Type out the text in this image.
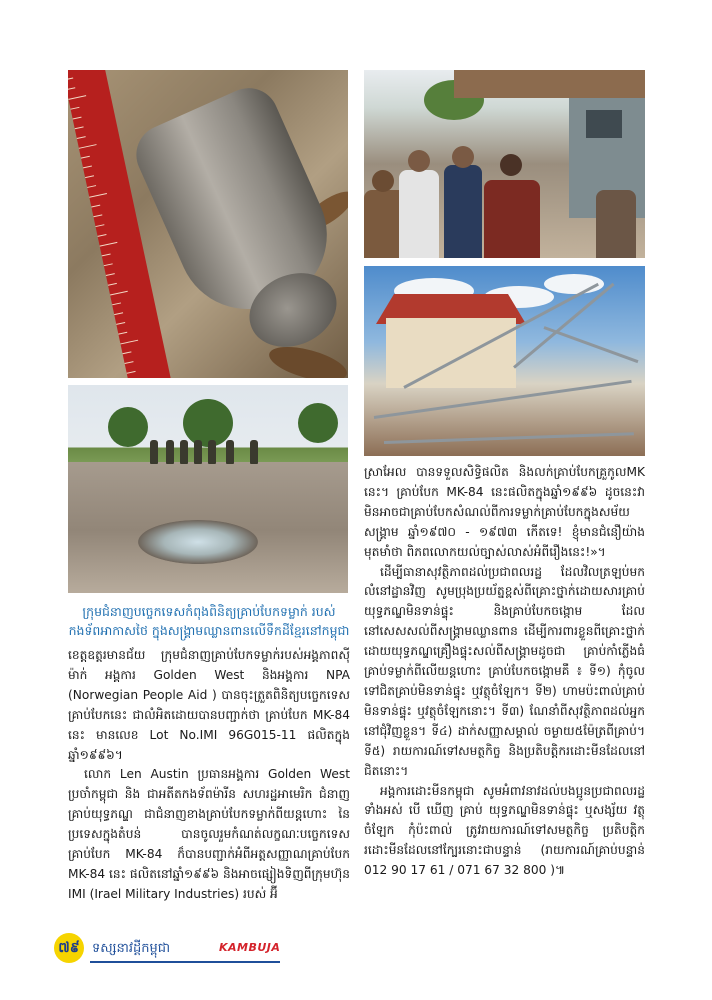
ក្រុមជំនាញបច្ចេកទេសកំពុងពិនិត្យគ្រាប់បែកទម្លាក់ របស់កងទ័ពអាកាសថៃ ក្នុងសង្គ្រាមឈ្លានពានលើទឹកដីខ្មែរនៅកម្ពុជា

ខេត្តឧត្តរមានជ័យ ក្រុមជំនាញគ្រាប់បែកទម្លាក់របស់អង្គភាពស៊ីម៉ាក់ អង្គការ Golden West និងអង្គការ NPA (Norwegian People Aid ) បានចុះត្រួតពិនិត្យបច្ចេកទេសគ្រាប់បែកនេះ ជាលំអិតដោយបានបញ្ជាក់ថា គ្រាប់បែក MK-84 នេះ មានលេខ Lot No.IMI 96G015-11 ផលិតក្នុង ឆ្នាំ១៩៩៦។

លោក Len Austin ប្រធានអង្គការ Golden West ប្រចាំកម្ពុជា និង ជាអតីតកងទ័ពម៉ារីន សហរដ្ឋអាមេរិក ជំនាញគ្រាប់យុទ្ធភណ្ឌ ជាជំនាញខាងគ្រាប់បែកទម្លាក់ពីយន្តហោះ នៃប្រទេសក្នុងតំបន់ បានចូលរួមកំណត់លក្ខណៈបច្ចេកទេសគ្រាប់បែក MK-84 ក៏បានបញ្ជាក់អំពីអត្តសញ្ញាណគ្រាប់បែក MK-84 នេះ ផលិតនៅឆ្នាំ១៩៩៦ និងអាចផ្សៀងទិញពីក្រុមហ៊ុន IMI (Irael Military Industries) របស់ អ៊ី

ស្រាអែល បានទទួលសិទ្ធិផលិត និងលក់គ្រាប់បែកគ្រួកូលMK នេះ។ គ្រាប់បែក MK-84 នេះផលិតក្នុងឆ្នាំ១៩៩៦ ដូចនេះវាមិនអាចជាគ្រាប់បែកសំណល់ពីការទម្លាក់គ្រាប់បែកក្នុងសម័យសង្គ្រាម ឆ្នាំ១៩៧០ - ១៩៧៣ កើតទេ! ខ្ញុំមានជំនឿយ៉ាងមុតមាំថា ពិភពលោកយល់ច្បាស់លាស់អំពីរឿងនេះ!»។

ដើម្បីធានាសុវត្ថិភាពដល់ប្រជាពលរដ្ឋ ដែលវិលត្រឡប់មកលំនៅដ្ឋានវិញ សូមប្រុងប្រយ័ត្នខ្ពស់ពីគ្រោះថ្នាក់ដោយសារគ្រាប់យុទ្ធភណ្ឌមិនទាន់ផ្ទុះ និងគ្រាប់បែកចង្កោម ដែលនៅសេសសល់ពីសង្គ្រាមឈ្លានពាន ដើម្បីការពារខ្លួនពីគ្រោះថ្នាក់ដោយយុទ្ធភណ្ឌគ្រឿងផ្ទុះសល់ពីសង្គ្រាមដូចជា គ្រាប់កាំភ្លើងធំ គ្រាប់ទម្លាក់ពីលើយន្តហោះ គ្រាប់បែកចង្កោមគឺ ៖ ទី១) កុំចូលទៅជិតគ្រាប់មិនទាន់ផ្ទុះ ឬវត្ថុចំឡែក។ ទី២) ហាមប៉ះពាល់គ្រាប់មិនទាន់ផ្ទុះ ឬវត្ថុចំឡែកនោះ។ ទី៣) ណែនាំពីសុវត្ថិភាពដល់អ្នកនៅជុំវិញខ្លួន។ ទី៤) ដាក់សញ្ញាសម្គាល់ ចម្ងាយ៥ម៉ែត្រពីគ្រាប់។ ទី៥) រាយការណ៍ទៅសមត្ថកិច្ច និងប្រតិបត្តិករដោះមីនដែលនៅជិតនោះ។

អង្គការដោះមីនកម្ពុជា សូមអំពាវនាវដល់បងប្អូនប្រជាពលរដ្ឋទាំងអស់ បើ ឃើញ គ្រាប់ យុទ្ធភណ្ឌមិនទាន់ផ្ទុះ ឬសង្ស័យ វត្ថុចំឡែក កុំប៉ះពាល់ ត្រូវរាយការណ៍ទៅសមត្ថកិច្ច ប្រតិបត្តិករដោះមីនដែលនៅក្បែរនោះជាបន្ទាន់ (រាយការណ៍គ្រាប់បន្ទាន់ 012 90 17 61 / 071 67 32 800 )៕

៧៩ ទស្សនាវដ្តីកម្ពុជា	KAMBUJA
